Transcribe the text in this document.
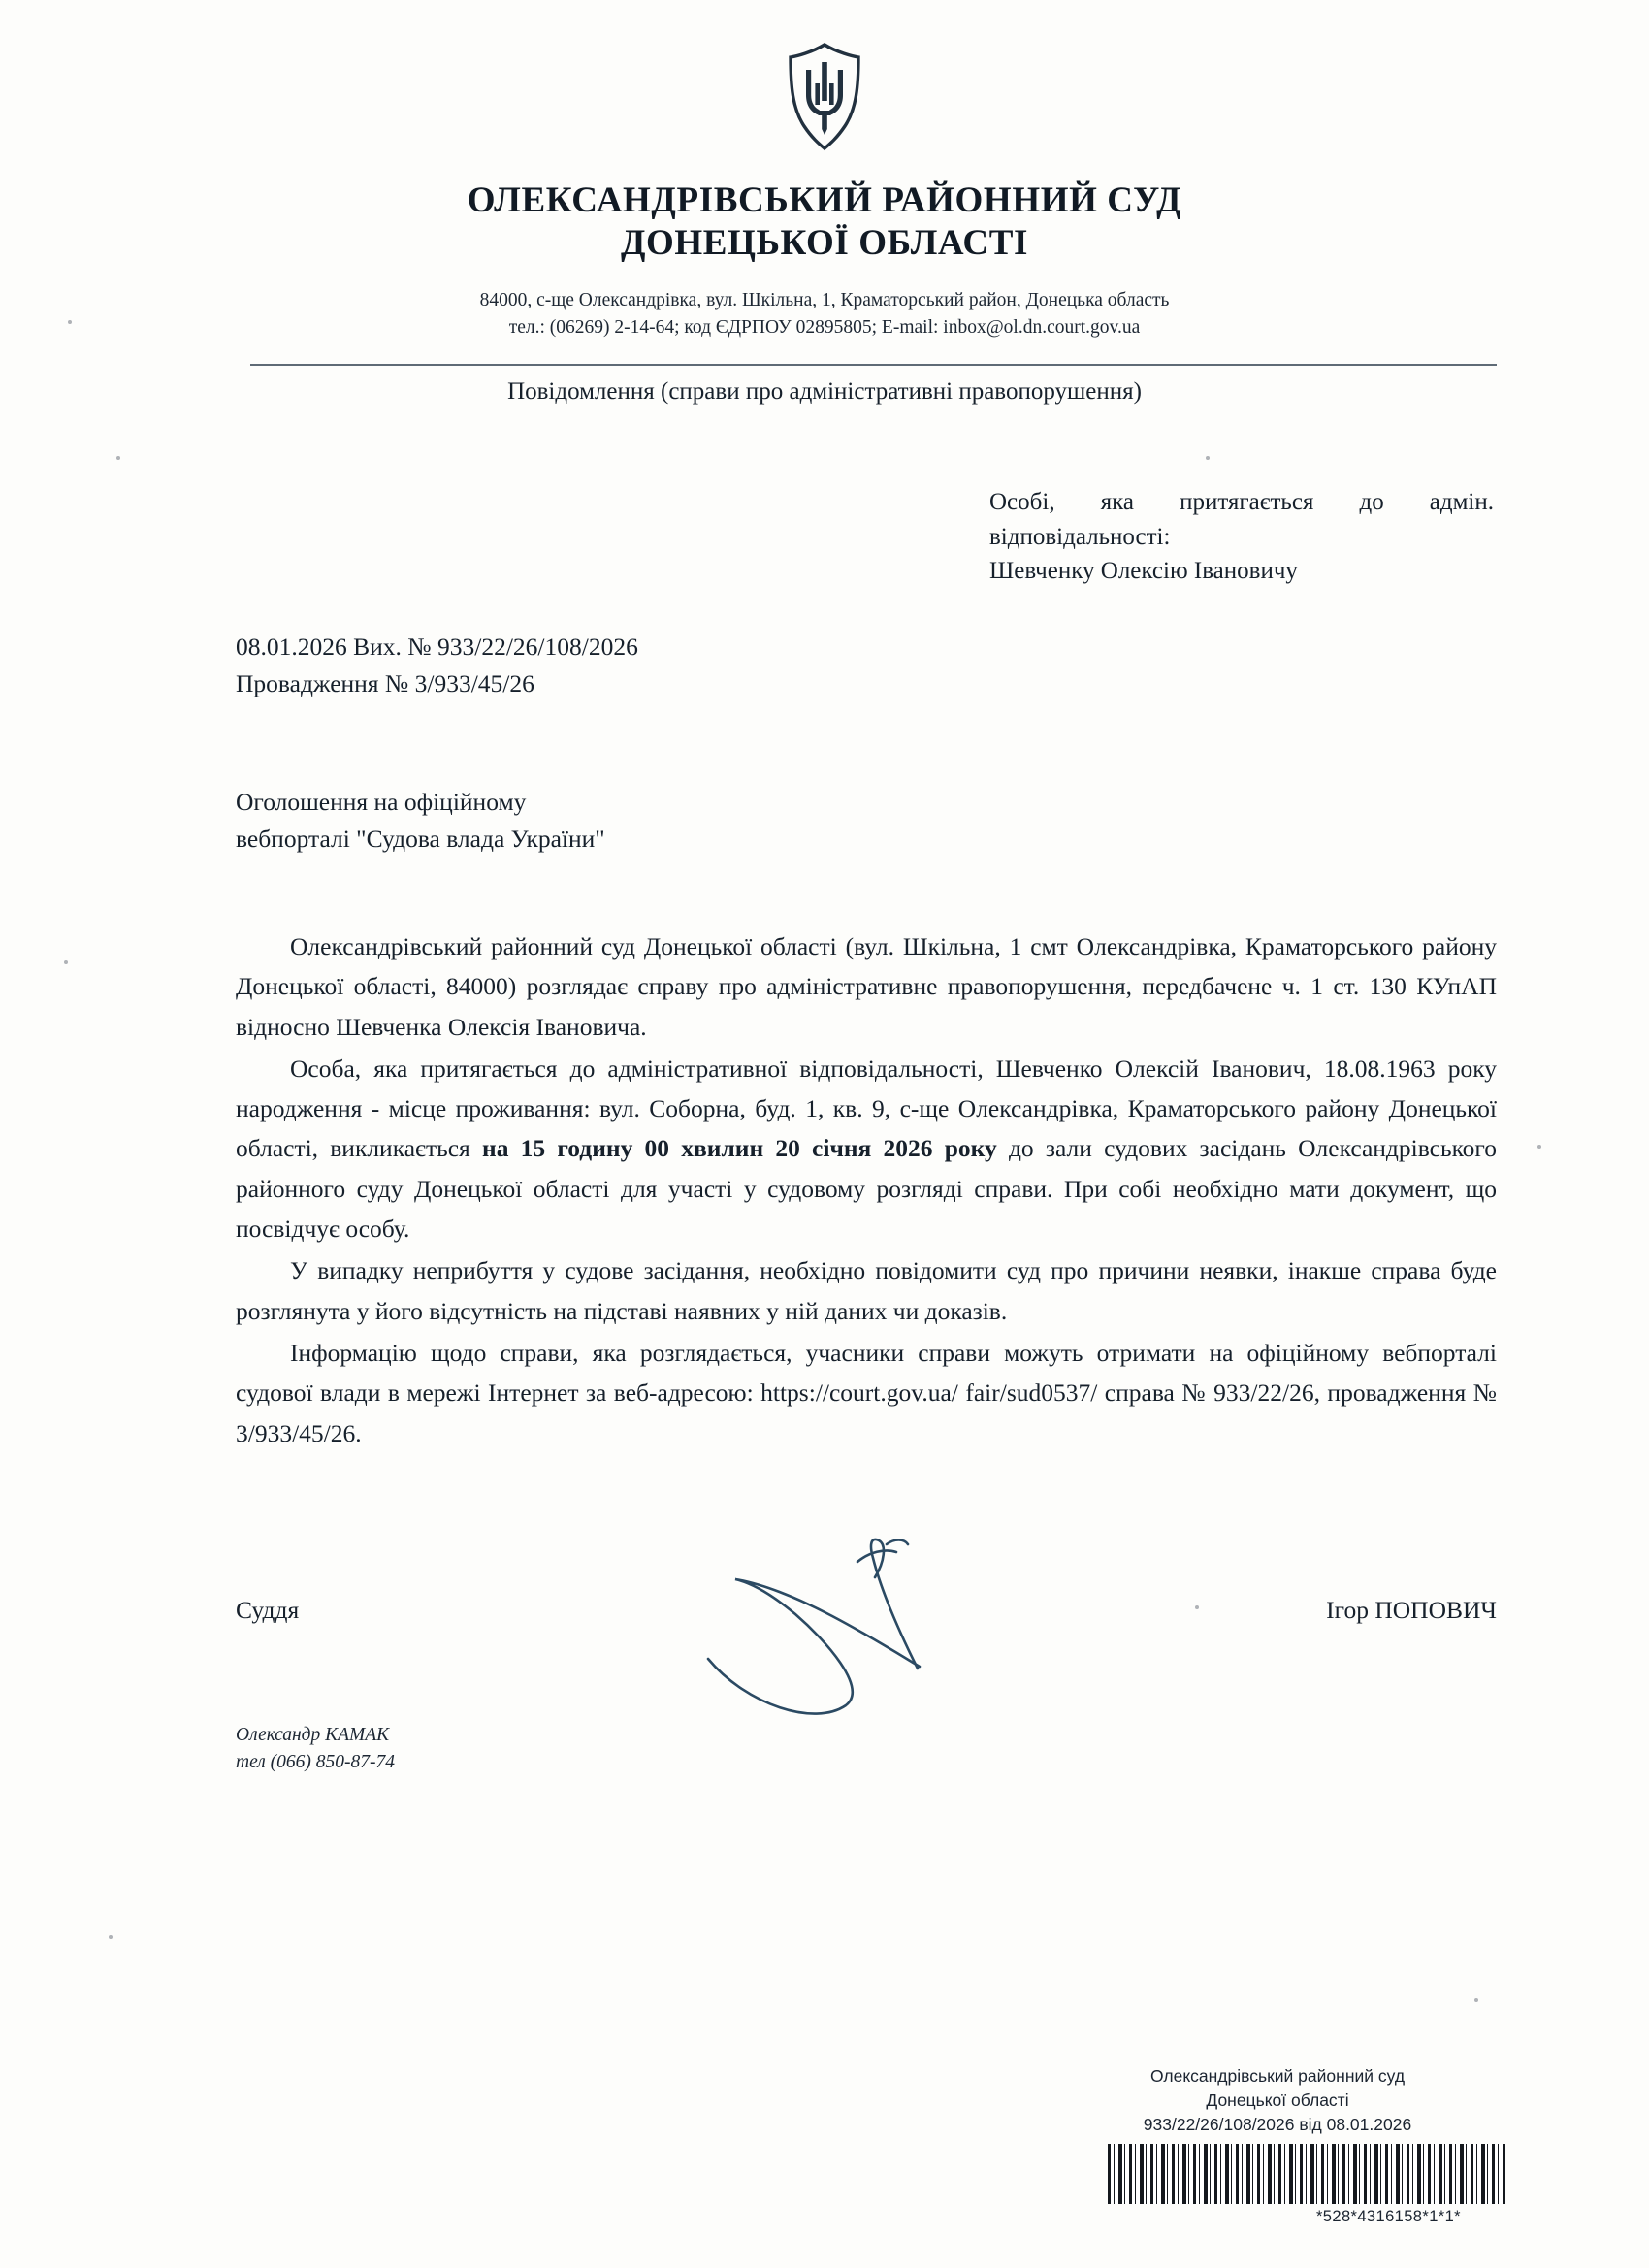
ОЛЕКСАНДРІВСЬКИЙ РАЙОННИЙ СУД
ДОНЕЦЬКОЇ ОБЛАСТІ
84000, с-ще Олександрівка, вул. Шкільна, 1, Краматорський район, Донецька область
тел.: (06269) 2-14-64; код ЄДРПОУ 02895805; E-mail: inbox@ol.dn.court.gov.ua
Повідомлення (справи про адміністративні правопорушення)
Особі, яка притягається до адмін.
відповідальності:
Шевченку Олексію Івановичу
08.01.2026 Вих. № 933/22/26/108/2026
Провадження № 3/933/45/26
Оголошення на офіційному
вебпорталі "Судова влада України"

Олександрівський районний суд Донецької області (вул. Шкільна, 1 смт Олександрівка, Краматорського району Донецької області, 84000) розглядає справу про адміністративне правопорушення, передбачене ч. 1 ст. 130 КУпАП відносно Шевченка Олексія Івановича.

Особа, яка притягається до адміністративної відповідальності, Шевченко Олексій Іванович, 18.08.1963 року народження - місце проживання: вул. Соборна, буд. 1, кв. 9, с-ще Олександрівка, Краматорського району Донецької області, викликається на 15 годину 00 хвилин 20 січня 2026 року до зали судових засідань Олександрівського районного суду Донецької області для участі у судовому розгляді справи. При собі необхідно мати документ, що посвідчує особу.

У випадку неприбуття у судове засідання, необхідно повідомити суд про причини неявки, інакше справа буде розглянута у його відсутність на підставі наявних у ній даних чи доказів.

Інформацію щодо справи, яка розглядається, учасники справи можуть отримати на офіційному вебпорталі судової влади в мережі Інтернет за веб-адресою: https://court.gov.ua/ fair/sud0537/ справа № 933/22/26, провадження № 3/933/45/26.

Суддя	Ігор ПОПОВИЧ
Олександр КАМАК
тел (066) 850-87-74
Олександрівський районний суд
Донецької області
933/22/26/108/2026 від 08.01.2026
*528*4316158*1*1*
